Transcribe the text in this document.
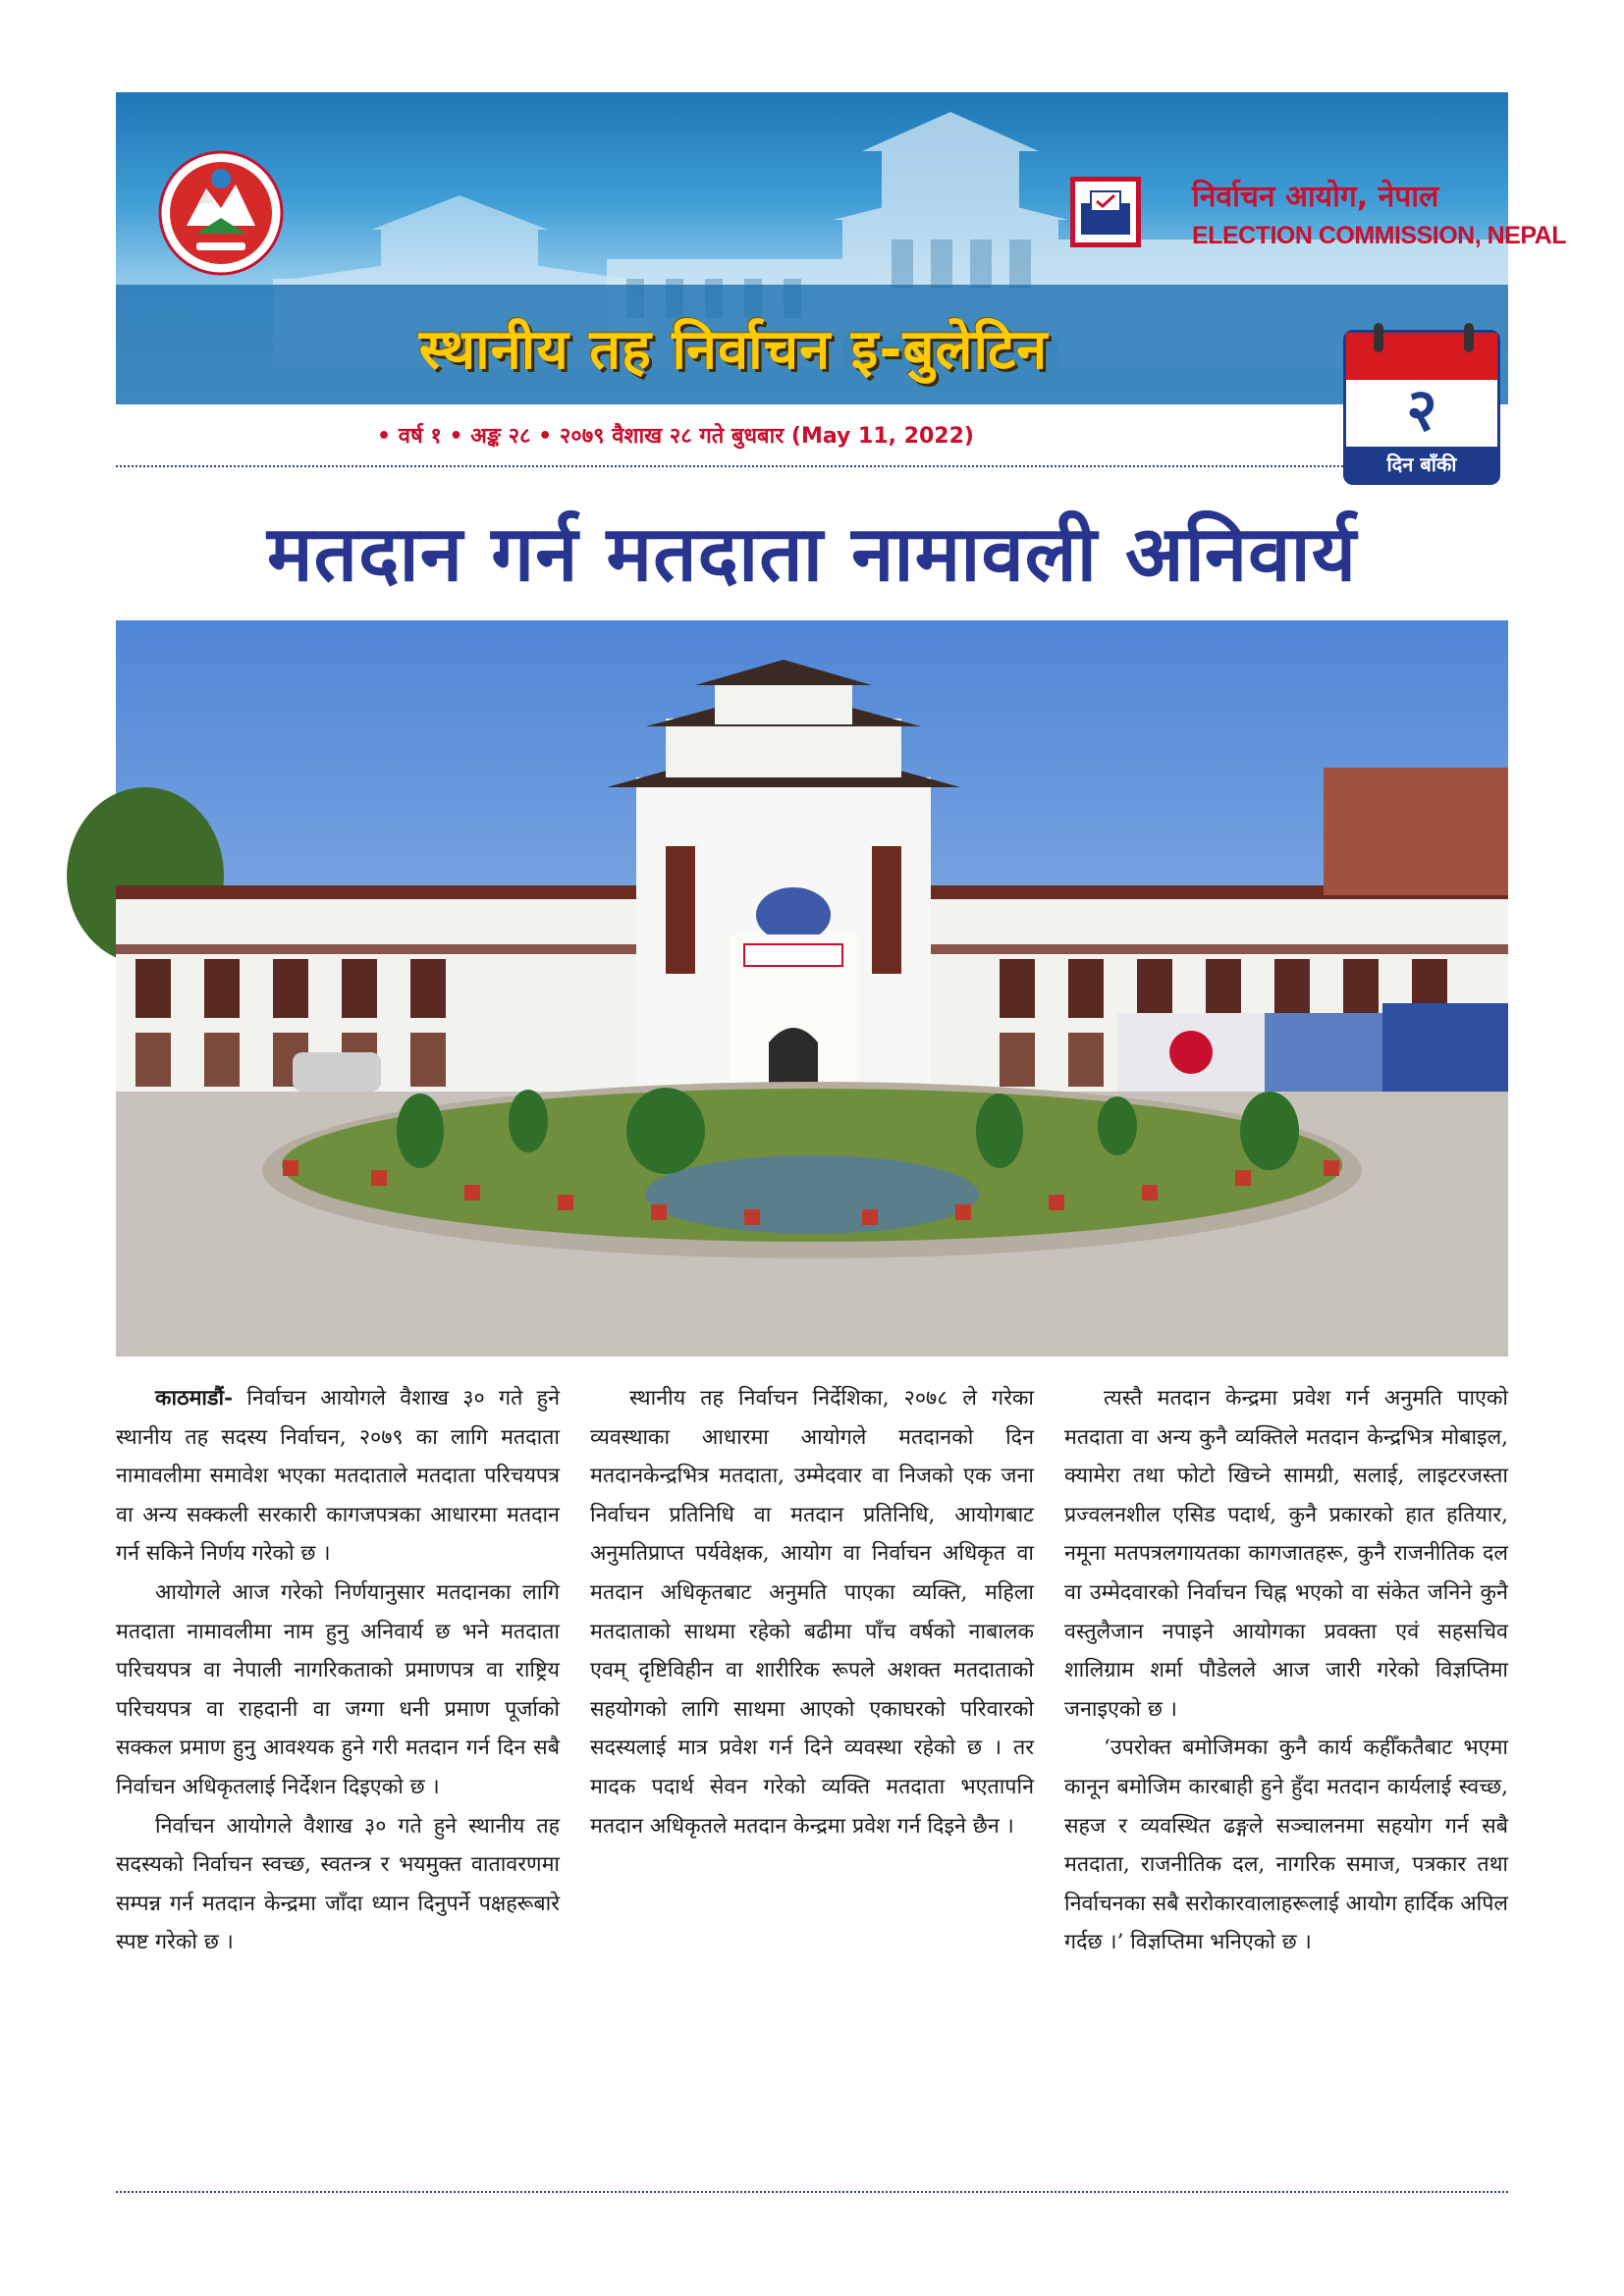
निर्वाचन आयोग, नेपाल
ELECTION COMMISSION, NEPAL
स्थानीय तह निर्वाचन इ-बुलेटिन
२
दिन बाँकी
• वर्ष १ • अङ्क २८ • २०७९ वैशाख २८ गते बुधबार (May 11, 2022)
मतदान गर्न मतदाता नामावली अनिवार्य

काठमाडौं- निर्वाचन आयोगले वैशाख ३० गते हुने स्थानीय तह सदस्य निर्वाचन, २०७९ का लागि मतदाता नामावलीमा समावेश भएका मतदाताले मतदाता परिचयपत्र वा अन्य सक्कली सरकारी कागजपत्रका आधारमा मतदान गर्न सकिने निर्णय गरेको छ ।

आयोगले आज गरेको निर्णयानुसार मतदानका लागि मतदाता नामावलीमा नाम हुनु अनिवार्य छ भने मतदाता परिचयपत्र वा नेपाली नागरिकताको प्रमाणपत्र वा राष्ट्रिय परिचयपत्र वा राहदानी वा जग्गा धनी प्रमाण पूर्जाको सक्कल प्रमाण हुनु आवश्यक हुने गरी मतदान गर्न दिन सबै निर्वाचन अधिकृतलाई निर्देशन दिइएको छ ।

निर्वाचन आयोगले वैशाख ३० गते हुने स्थानीय तह सदस्यको निर्वाचन स्वच्छ, स्वतन्त्र र भयमुक्त वातावरणमा सम्पन्न गर्न मतदान केन्द्रमा जाँदा ध्यान दिनुपर्ने पक्षहरूबारे स्पष्ट गरेको छ ।

स्थानीय तह निर्वाचन निर्देशिका, २०७८ ले गरेका व्यवस्थाका आधारमा आयोगले मतदानको दिन मतदानकेन्द्रभित्र मतदाता, उम्मेदवार वा निजको एक जना निर्वाचन प्रतिनिधि वा मतदान प्रतिनिधि, आयोगबाट अनुमतिप्राप्त पर्यवेक्षक, आयोग वा निर्वाचन अधिकृत वा मतदान अधिकृतबाट अनुमति पाएका व्यक्ति, महिला मतदाताको साथमा रहेको बढीमा पाँच वर्षको नाबालक एवम् दृष्टिविहीन वा शारीरिक रूपले अशक्त मतदाताको सहयोगको लागि साथमा आएको एकाघरको परिवारको सदस्यलाई मात्र प्रवेश गर्न दिने व्यवस्था रहेको छ । तर मादक पदार्थ सेवन गरेको व्यक्ति मतदाता भएतापनि मतदान अधिकृतले मतदान केन्द्रमा प्रवेश गर्न दिइने छैन ।

त्यस्तै मतदान केन्द्रमा प्रवेश गर्न अनुमति पाएको मतदाता वा अन्य कुनै व्यक्तिले मतदान केन्द्रभित्र मोबाइल, क्यामेरा तथा फोटो खिच्ने सामग्री, सलाई, लाइटरजस्ता प्रज्वलनशील एसिड पदार्थ, कुनै प्रकारको हात हतियार, नमूना मतपत्रलगायतका कागजातहरू, कुनै राजनीतिक दल वा उम्मेदवारको निर्वाचन चिह्न भएको वा संकेत जनिने कुनै वस्तुलैजान नपाइने आयोगका प्रवक्ता एवं सहसचिव शालिग्राम शर्मा पौडेलले आज जारी गरेको विज्ञप्तिमा जनाइएको छ ।

‘उपरोक्त बमोजिमका कुनै कार्य कहीँकतैबाट भएमा कानून बमोजिम कारबाही हुने हुँदा मतदान कार्यलाई स्वच्छ, सहज र व्यवस्थित ढङ्गले सञ्चालनमा सहयोग गर्न सबै मतदाता, राजनीतिक दल, नागरिक समाज, पत्रकार तथा निर्वाचनका सबै सरोकारवालाहरूलाई आयोग हार्दिक अपिल गर्दछ ।’ विज्ञप्तिमा भनिएको छ ।
